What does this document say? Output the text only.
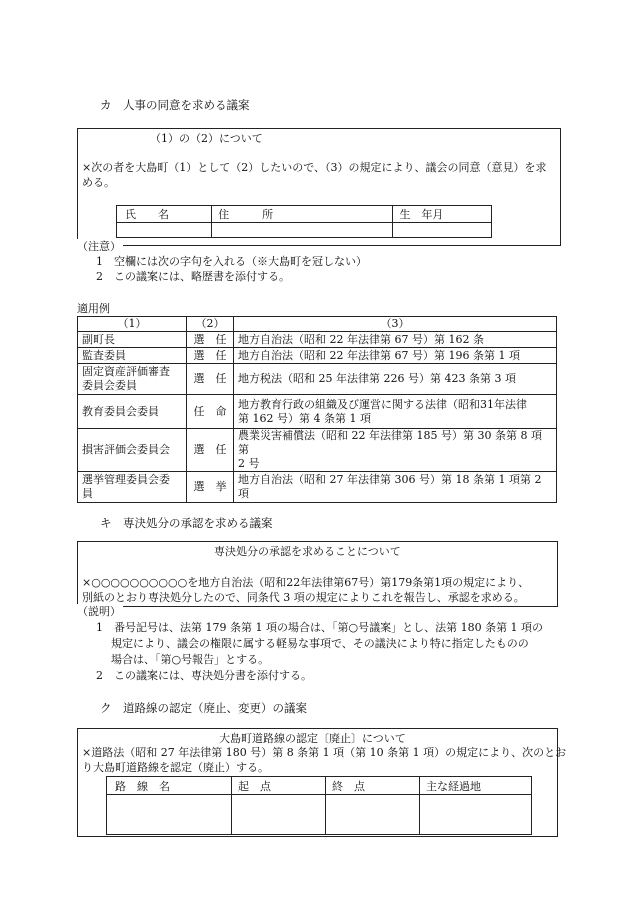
カ　人事の同意を求める議案
（1）の（2）について
×次の者を大島町（1）として（2）したいので、（3）の規定により、議会の同意（意見）を求
める。
氏　　名	住　　　所	生　年月

（注意）
1　空欄には次の字句を入れる（※大島町を冠しない）
2　この議案には、略歴書を添付する。
適用例
（1）	（2）	（3）
副町長	選　任	地方自治法（昭和 22 年法律第 67 号）第 162 条
監査委員	選　任	地方自治法（昭和 22 年法律第 67 号）第 196 条第 1 項
固定資産評価審査
委員会委員	選　任	地方税法（昭和 25 年法律第 226 号）第 423 条第 3 項
教育委員会委員	任　命	地方教育行政の組織及び運営に関する法律（昭和31年法律
第 162 号）第 4 条第 1 項
損害評価会委員会	選　任	農業災害補償法（昭和 22 年法律第 185 号）第 30 条第 8 項第
2 号
選挙管理委員会委
員	選　挙	地方自治法（昭和 27 年法律第 306 号）第 18 条第 1 項第 2 項
キ　専決処分の承認を求める議案
専決処分の承認を求めることについて
×○○○○○○○○○○を地方自治法（昭和22年法律第67号）第179条第1項の規定により、
別紙のとおり専決処分したので、同条代 3 項の規定によりこれを報告し、承認を求める。
（説明）
1　番号記号は、法第 179 条第 1 項の場合は、「第○号議案」とし、法第 180 条第 1 項の
規定により、議会の権限に属する軽易な事項で、その議決により特に指定したものの
場合は、「第○号報告」とする。
2　この議案には、専決処分書を添付する。
ク　道路線の認定（廃止、変更）の議案
大島町道路線の認定〔廃止〕について
×道路法（昭和 27 年法律第 180 号）第 8 条第 1 項（第 10 条第 1 項）の規定により、次のとお
り大島町道路線を認定（廃止）する。
路　線　名	起　点	終　点	主な経過地
